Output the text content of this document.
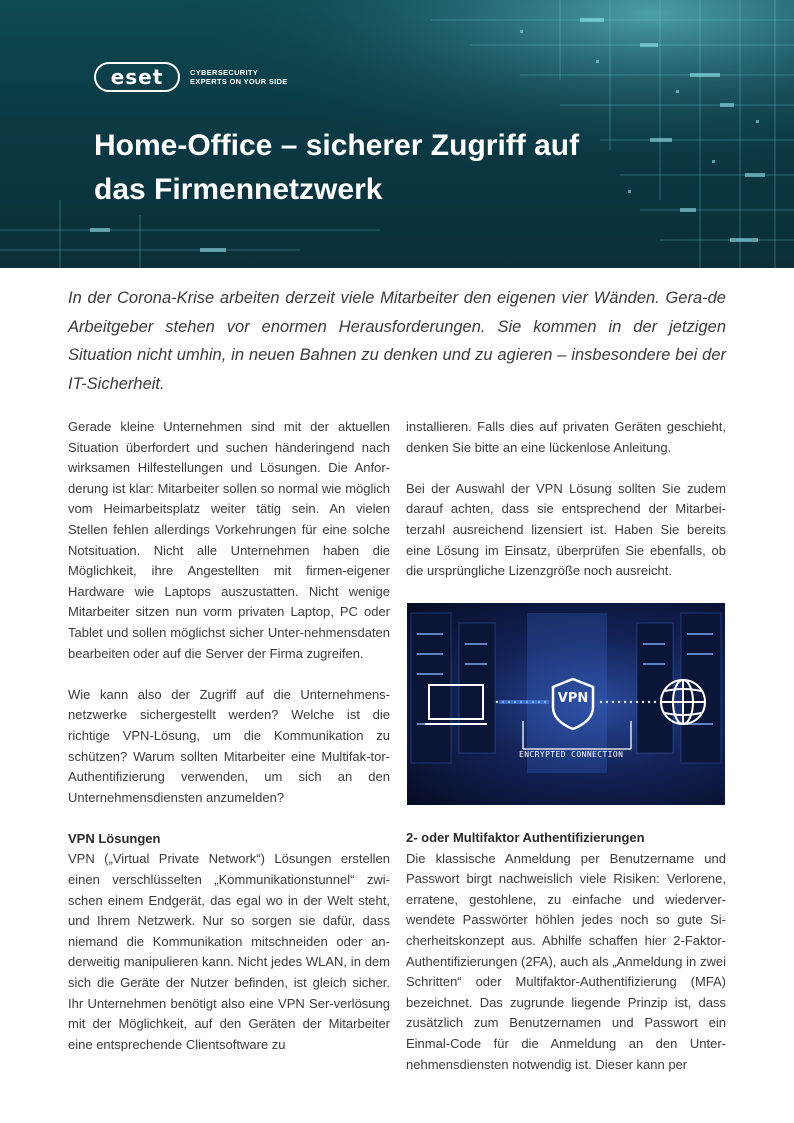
eset	CYBERSECURITY
EXPERTS ON YOUR SIDE
Home-Office – sicherer Zugriff auf
das Firmennetzwerk

In der Corona-Krise arbeiten derzeit viele Mitarbeiter den eigenen vier Wänden. Gera-de Arbeitgeber stehen vor enormen Herausforderungen. Sie kommen in der jetzigen Situation nicht umhin, in neuen Bahnen zu denken und zu agieren – insbesondere bei der IT-Sicherheit.

Gerade kleine Unternehmen sind mit der aktuellen Situation überfordert und suchen händeringend nach wirksamen Hilfestellungen und Lösungen. Die Anfor-derung ist klar: Mitarbeiter sollen so normal wie möglich vom Heimarbeitsplatz weiter tätig sein. An vielen Stellen fehlen allerdings Vorkehrungen für eine solche Notsituation. Nicht alle Unternehmen haben die Möglichkeit, ihre Angestellten mit firmen-eigener Hardware wie Laptops auszustatten. Nicht wenige Mitarbeiter sitzen nun vorm privaten Laptop, PC oder Tablet und sollen möglichst sicher Unter-nehmensdaten bearbeiten oder auf die Server der Firma zugreifen.

Wie kann also der Zugriff auf die Unternehmens-netzwerke sichergestellt werden? Welche ist die richtige VPN-Lösung, um die Kommunikation zu schützen? Warum sollten Mitarbeiter eine Multifak-tor-Authentifizierung verwenden, um sich an den Unternehmensdiensten anzumelden?

VPN Lösungen

VPN („Virtual Private Network“) Lösungen erstellen einen verschlüsselten „Kommunikationstunnel“ zwi-schen einem Endgerät, das egal wo in der Welt steht, und Ihrem Netzwerk. Nur so sorgen sie dafür, dass niemand die Kommunikation mitschneiden oder an-derweitig manipulieren kann. Nicht jedes WLAN, in dem sich die Geräte der Nutzer befinden, ist gleich sicher. Ihr Unternehmen benötigt also eine VPN Ser-verlösung mit der Möglichkeit, auf den Geräten der Mitarbeiter eine entsprechende Clientsoftware zu

installieren. Falls dies auf privaten Geräten geschieht, denken Sie bitte an eine lückenlose Anleitung.

Bei der Auswahl der VPN Lösung sollten Sie zudem darauf achten, dass sie entsprechend der Mitarbei-terzahl ausreichend lizensiert ist. Haben Sie bereits eine Lösung im Einsatz, überprüfen Sie ebenfalls, ob die ursprüngliche Lizenzgröße noch ausreicht.

VPN
ENCRYPTED CONNECTION
2- oder Multifaktor Authentifizierungen

Die klassische Anmeldung per Benutzername und Passwort birgt nachweislich viele Risiken: Verlorene, erratene, gestohlene, zu einfache und wiederver-wendete Passwörter höhlen jedes noch so gute Si-cherheitskonzept aus. Abhilfe schaffen hier 2-Faktor-Authentifizierungen (2FA), auch als „Anmeldung in zwei Schritten“ oder Multifaktor-Authentifizierung (MFA) bezeichnet. Das zugrunde liegende Prinzip ist, dass zusätzlich zum Benutzernamen und Passwort ein Einmal-Code für die Anmeldung an den Unter-nehmensdiensten notwendig ist. Dieser kann per
